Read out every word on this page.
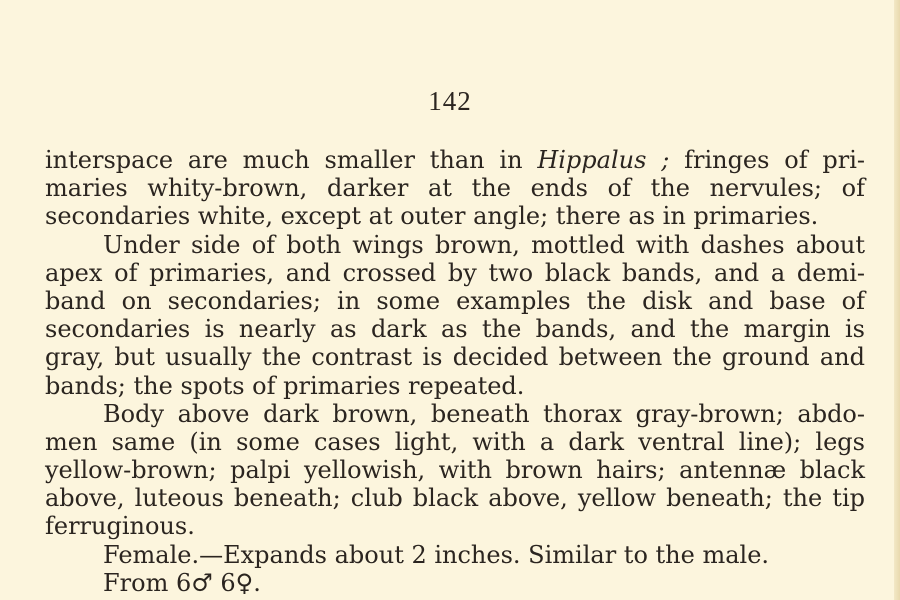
142
interspace are much smaller than in Hippalus ; fringes of pri-
maries whity-brown, darker at the ends of the nervules; of
secondaries white, except at outer angle; there as in primaries.
Under side of both wings brown, mottled with dashes about
apex of primaries, and crossed by two black bands, and a demi-
band on secondaries; in some examples the disk and base of
secondaries is nearly as dark as the bands, and the margin is
gray, but usually the contrast is decided between the ground and
bands; the spots of primaries repeated.
Body above dark brown, beneath thorax gray-brown; abdo-
men same (in some cases light, with a dark ventral line); legs
yellow-brown; palpi yellowish, with brown hairs; antennæ black
above, luteous beneath; club black above, yellow beneath; the tip
ferruginous.
Female.—Expands about 2 inches. Similar to the male.
From 6♂ 6♀.
